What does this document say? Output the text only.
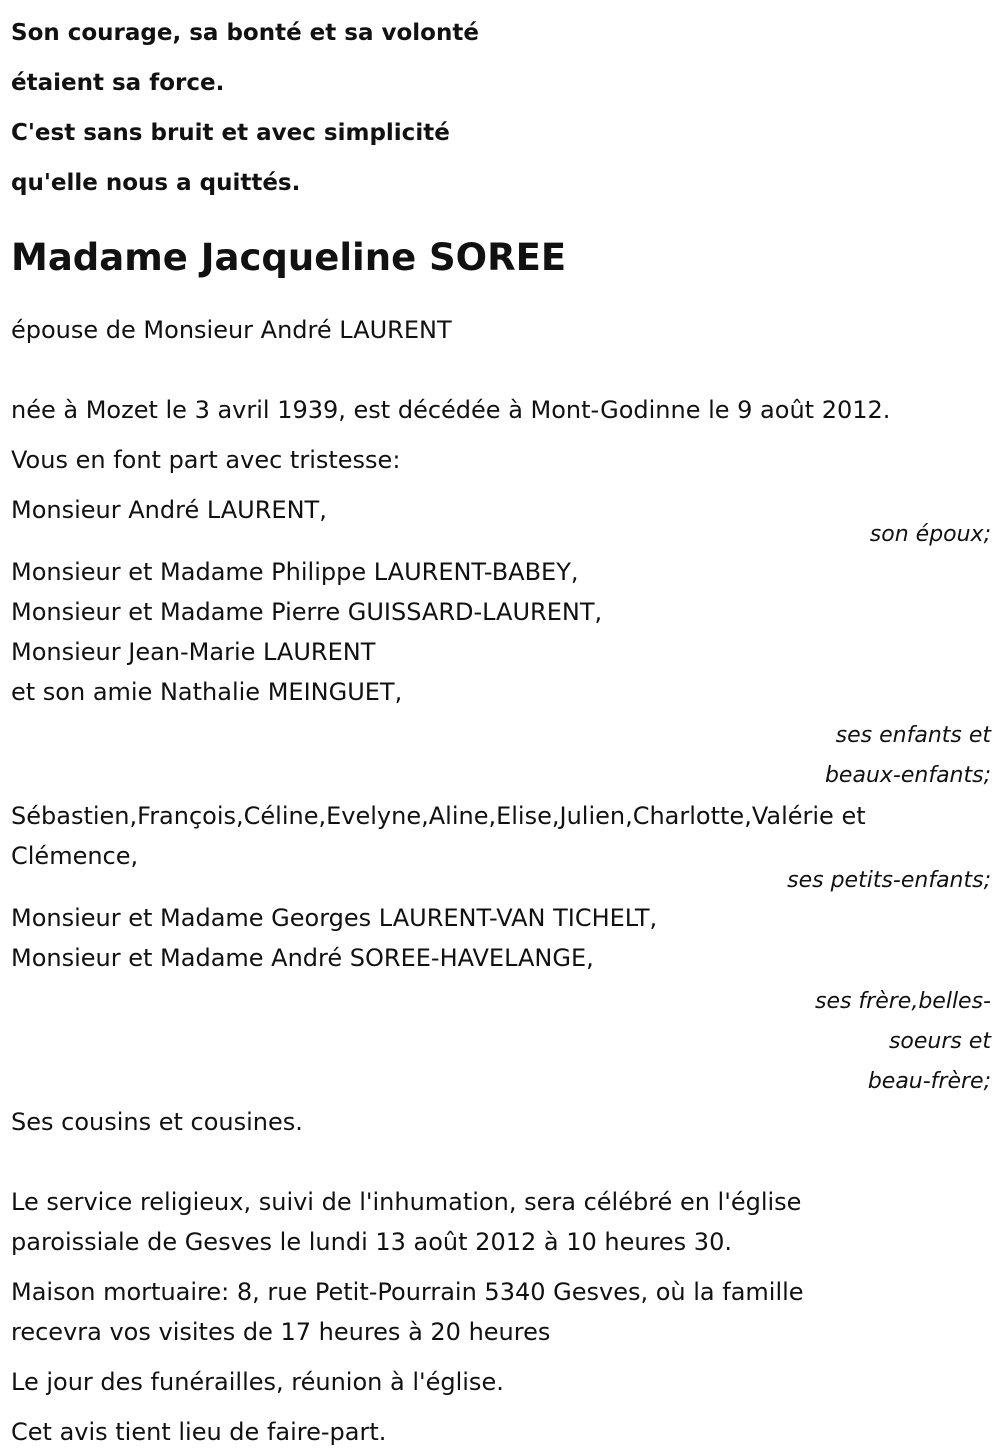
Son courage, sa bonté et sa volonté
étaient sa force.
C'est sans bruit et avec simplicité
qu'elle nous a quittés.
Madame Jacqueline SOREE
épouse de Monsieur André LAURENT
née à Mozet le 3 avril 1939, est décédée à Mont-Godinne le 9 août 2012.
Vous en font part avec tristesse:
Monsieur André LAURENT,
son époux;
Monsieur et Madame Philippe LAURENT-BABEY,
Monsieur et Madame Pierre GUISSARD-LAURENT,
Monsieur Jean-Marie LAURENT
et son amie Nathalie MEINGUET,
ses enfants et
beaux-enfants;
Sébastien,François,Céline,Evelyne,Aline,Elise,Julien,Charlotte,Valérie et
Clémence,
ses petits-enfants;
Monsieur et Madame Georges LAURENT-VAN TICHELT,
Monsieur et Madame André SOREE-HAVELANGE,
ses frère,belles-
soeurs et
beau-frère;
Ses cousins et cousines.
Le service religieux, suivi de l'inhumation, sera célébré en l'église
paroissiale de Gesves le lundi 13 août 2012 à 10 heures 30.
Maison mortuaire: 8, rue Petit-Pourrain 5340 Gesves, où la famille
recevra vos visites de 17 heures à 20 heures
Le jour des funérailles, réunion à l'église.
Cet avis tient lieu de faire-part.
